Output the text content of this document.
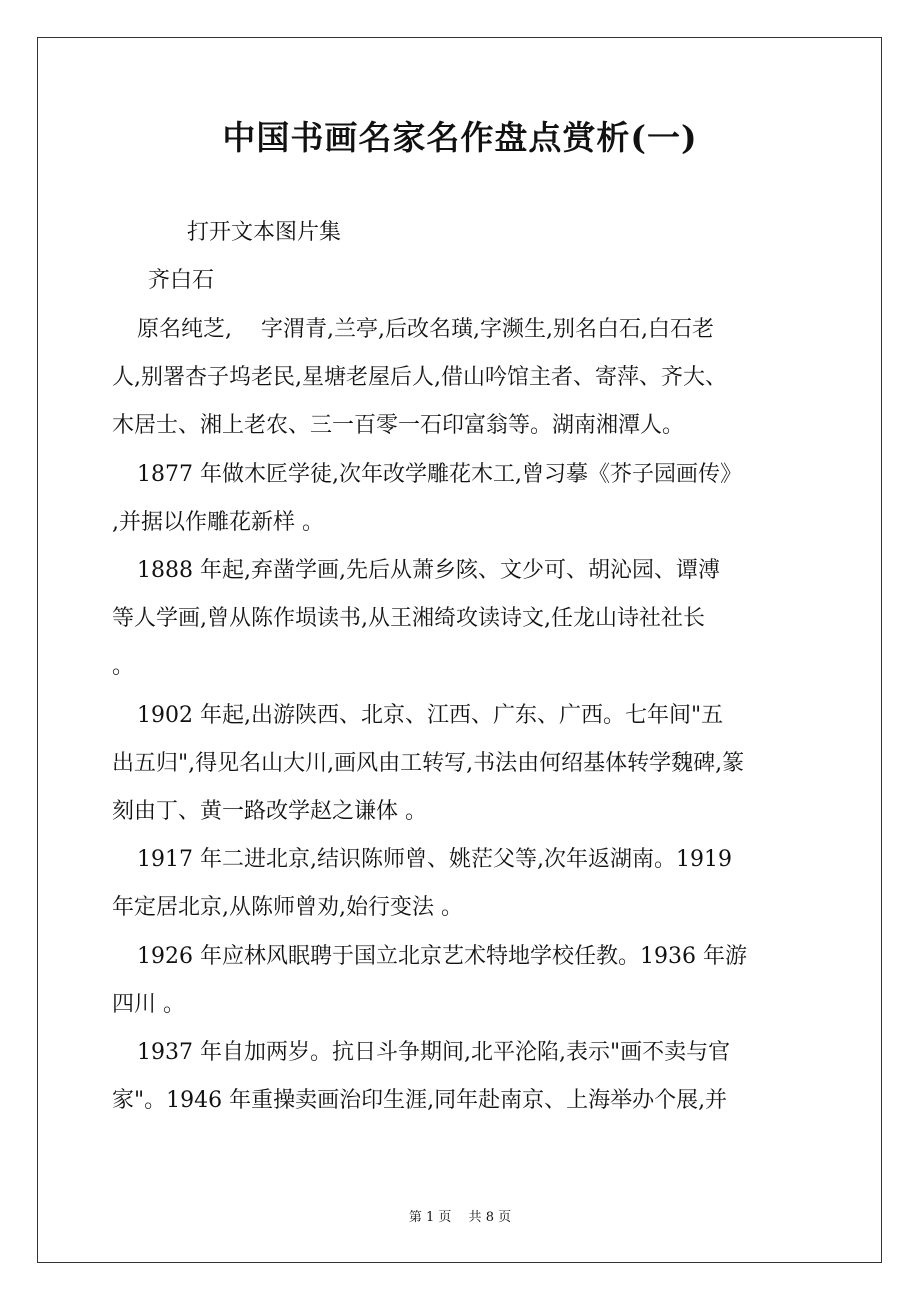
中国书画名家名作盘点赏析(一)
打开文本图片集
齐白石
原名纯芝,　 字渭青,兰亭,后改名璜,字濒生,别名白石,白石老
人,别署杏子坞老民,星塘老屋后人,借山吟馆主者、寄萍、齐大、
木居士、湘上老农、三一百零一石印富翁等。湖南湘潭人。
1877 年做木匠学徒,次年改学雕花木工,曾习摹《芥子园画传》
,并据以作雕花新样 。
1888 年起,弃凿学画,先后从萧乡陔、文少可、胡沁园、谭溥
等人学画,曾从陈作埙读书,从王湘绮攻读诗文,任龙山诗社社长
。
1902 年起,出游陕西、北京、江西、广东、广西。七年间"五
出五归",得见名山大川,画风由工转写,书法由何绍基体转学魏碑,篆
刻由丁、黄一路改学赵之谦体 。
1917 年二进北京,结识陈师曾、姚茫父等,次年返湖南。1919
年定居北京,从陈师曾劝,始行变法 。
1926 年应林风眠聘于国立北京艺术特地学校任教。1936 年游
四川 。
1937 年自加两岁。抗日斗争期间,北平沦陷,表示"画不卖与官
家"。1946 年重操卖画治印生涯,同年赴南京、上海举办个展,并
第 1 页　 共 8 页
